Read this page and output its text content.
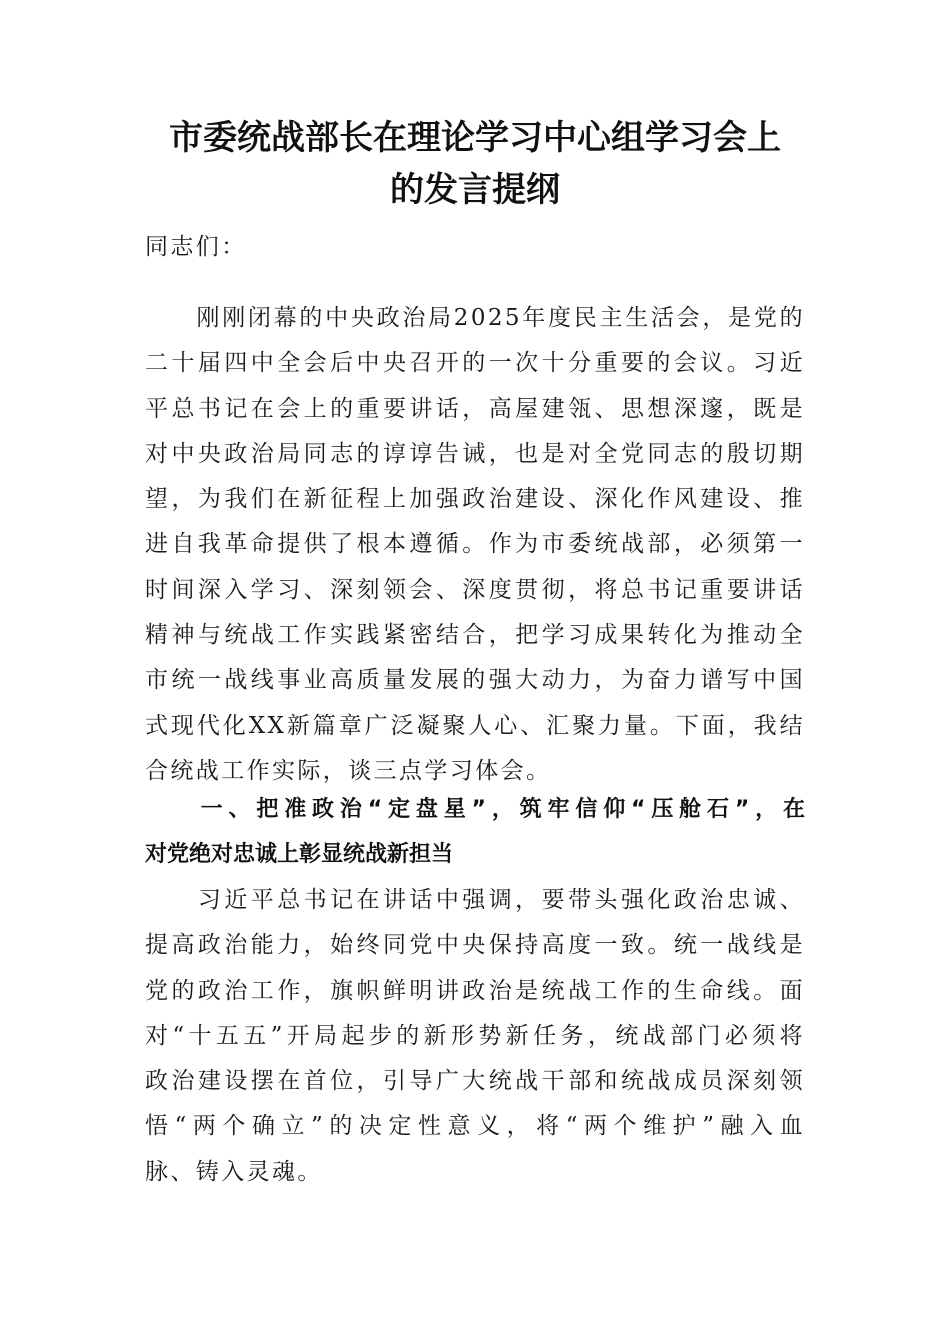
市委统战部长在理论学习中心组学习会上
的发言提纲
同志们：
　　刚刚闭幕的中央政治局2025年度民主生活会，是党的
二十届四中全会后中央召开的一次十分重要的会议。习近
平总书记在会上的重要讲话，高屋建瓴、思想深邃，既是
对中央政治局同志的谆谆告诫，也是对全党同志的殷切期
望，为我们在新征程上加强政治建设、深化作风建设、推
进自我革命提供了根本遵循。作为市委统战部，必须第一
时间深入学习、深刻领会、深度贯彻，将总书记重要讲话
精神与统战工作实践紧密结合，把学习成果转化为推动全
市统一战线事业高质量发展的强大动力，为奋力谱写中国
式现代化XX新篇章广泛凝聚人心、汇聚力量。下面，我结
合统战工作实际，谈三点学习体会。
　　一、把准政治“定盘星”，筑牢信仰“压舱石”，在
对党绝对忠诚上彰显统战新担当
　　习近平总书记在讲话中强调，要带头强化政治忠诚、
提高政治能力，始终同党中央保持高度一致。统一战线是
党的政治工作，旗帜鲜明讲政治是统战工作的生命线。面
对“十五五”开局起步的新形势新任务，统战部门必须将
政治建设摆在首位，引导广大统战干部和统战成员深刻领
悟“两个确立”的决定性意义，将“两个维护”融入血
脉、铸入灵魂。
